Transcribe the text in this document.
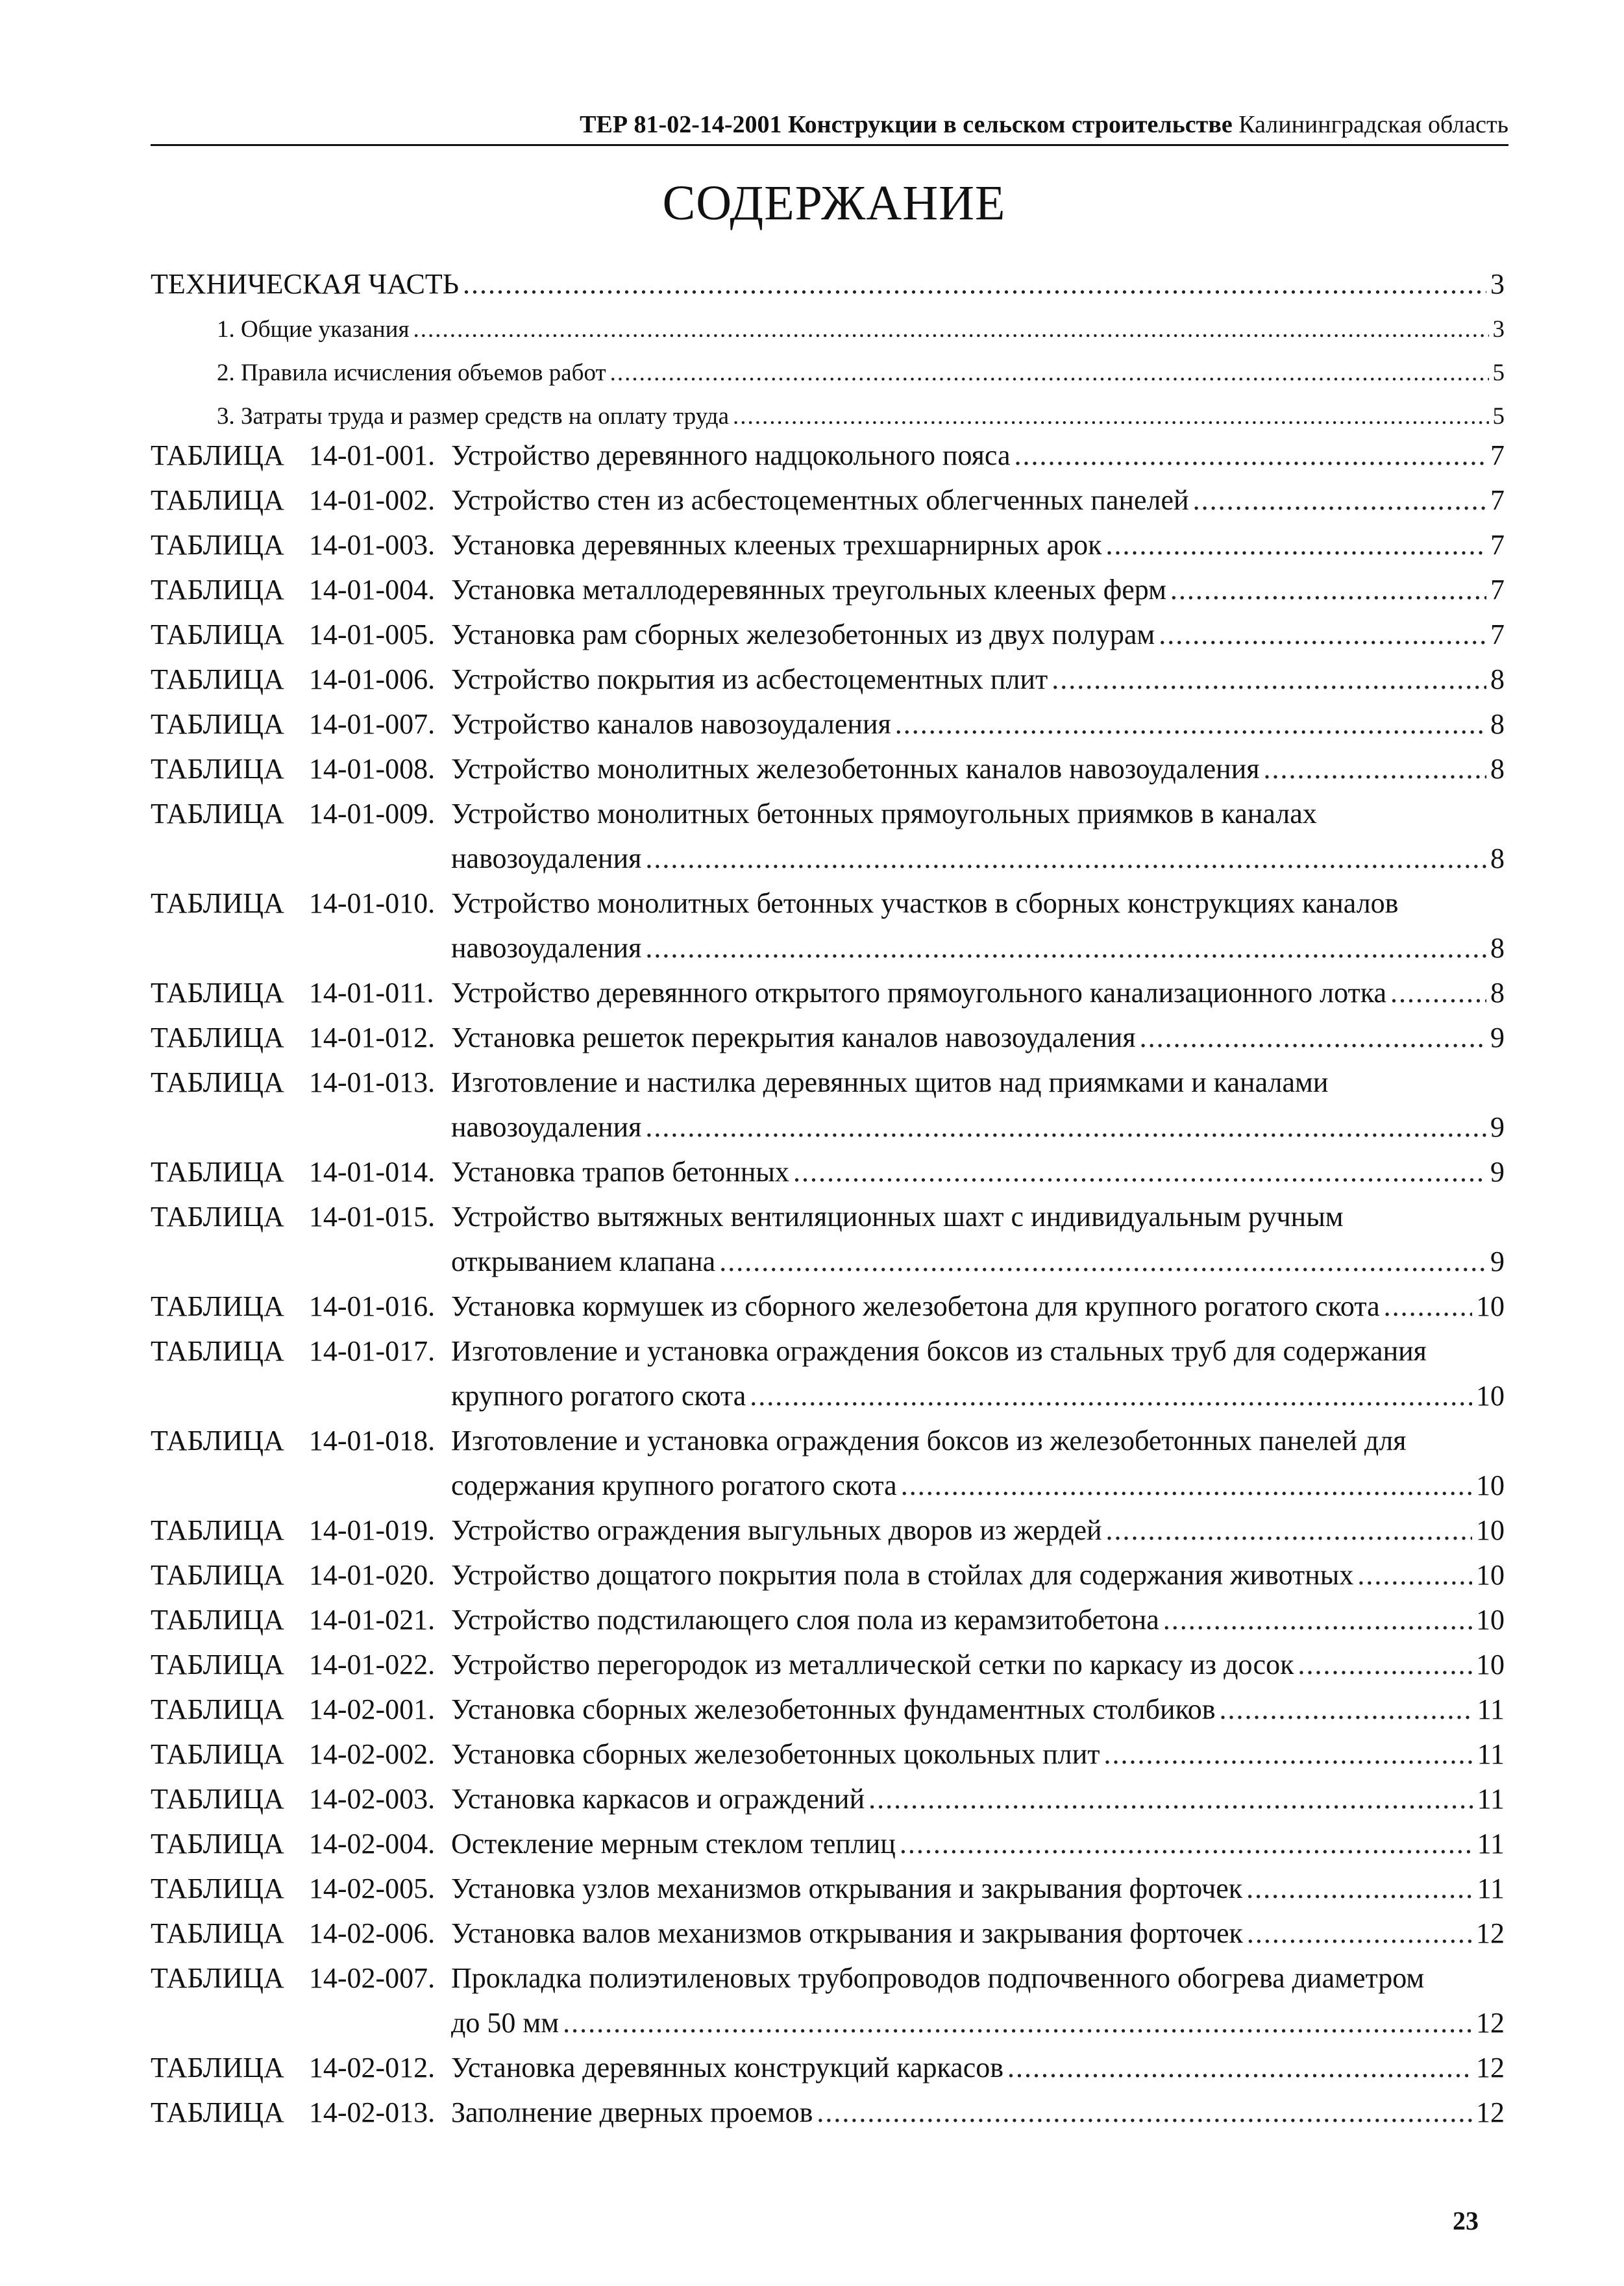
ТЕР 81-02-14-2001 Конструкции в сельском строительстве Калининградская область
СОДЕРЖАНИЕ
ТЕХНИЧЕСКАЯ ЧАСТЬ .....	3
1. Общие указания .....	3
2. Правила исчисления объемов работ .....	5
3. Затраты труда и размер средств на оплату труда .....	5
ТАБЛИЦА 14-01-001. Устройство деревянного надцокольного пояса .....	7
ТАБЛИЦА 14-01-002. Устройство стен из асбестоцементных облегченных панелей .....	7
ТАБЛИЦА 14-01-003. Установка деревянных клееных трехшарнирных арок .....	7
ТАБЛИЦА 14-01-004. Установка металлодеревянных треугольных клееных ферм .....	7
ТАБЛИЦА 14-01-005. Установка рам сборных железобетонных из двух полурам .....	7
ТАБЛИЦА 14-01-006. Устройство покрытия из асбестоцементных плит .....	8
ТАБЛИЦА 14-01-007. Устройство каналов навозоудаления .....	8
ТАБЛИЦА 14-01-008. Устройство монолитных железобетонных каналов навозоудаления .....	8
ТАБЛИЦА 14-01-009. Устройство монолитных бетонных прямоугольных приямков в каналах
навозоудаления .....	8
ТАБЛИЦА 14-01-010. Устройство монолитных бетонных участков в сборных конструкциях каналов
навозоудаления .....	8
ТАБЛИЦА 14-01-011. Устройство деревянного открытого прямоугольного канализационного лотка .....	8
ТАБЛИЦА 14-01-012. Установка решеток перекрытия каналов навозоудаления .....	9
ТАБЛИЦА 14-01-013. Изготовление и настилка деревянных щитов над приямками и каналами
навозоудаления .....	9
ТАБЛИЦА 14-01-014. Установка трапов бетонных .....	9
ТАБЛИЦА 14-01-015. Устройство вытяжных вентиляционных шахт с индивидуальным ручным
открыванием клапана .....	9
ТАБЛИЦА 14-01-016. Установка кормушек из сборного железобетона для крупного рогатого скота .....	10
ТАБЛИЦА 14-01-017. Изготовление и установка ограждения боксов из стальных труб для содержания
крупного рогатого скота .....	10
ТАБЛИЦА 14-01-018. Изготовление и установка ограждения боксов из железобетонных панелей для
содержания крупного рогатого скота .....	10
ТАБЛИЦА 14-01-019. Устройство ограждения выгульных дворов из жердей .....	10
ТАБЛИЦА 14-01-020. Устройство дощатого покрытия пола в стойлах для содержания животных .....	10
ТАБЛИЦА 14-01-021. Устройство подстилающего слоя пола из керамзитобетона .....	10
ТАБЛИЦА 14-01-022. Устройство перегородок из металлической сетки по каркасу из досок .....	10
ТАБЛИЦА 14-02-001. Установка сборных железобетонных фундаментных столбиков .....	11
ТАБЛИЦА 14-02-002. Установка сборных железобетонных цокольных плит .....	11
ТАБЛИЦА 14-02-003. Установка каркасов и ограждений .....	11
ТАБЛИЦА 14-02-004. Остекление мерным стеклом теплиц .....	11
ТАБЛИЦА 14-02-005. Установка узлов механизмов открывания и закрывания форточек .....	11
ТАБЛИЦА 14-02-006. Установка валов механизмов открывания и закрывания форточек .....	12
ТАБЛИЦА 14-02-007. Прокладка полиэтиленовых трубопроводов подпочвенного обогрева диаметром
до 50 мм .....	12
ТАБЛИЦА 14-02-012. Установка деревянных конструкций каркасов .....	12
ТАБЛИЦА 14-02-013. Заполнение дверных проемов .....	12
23
